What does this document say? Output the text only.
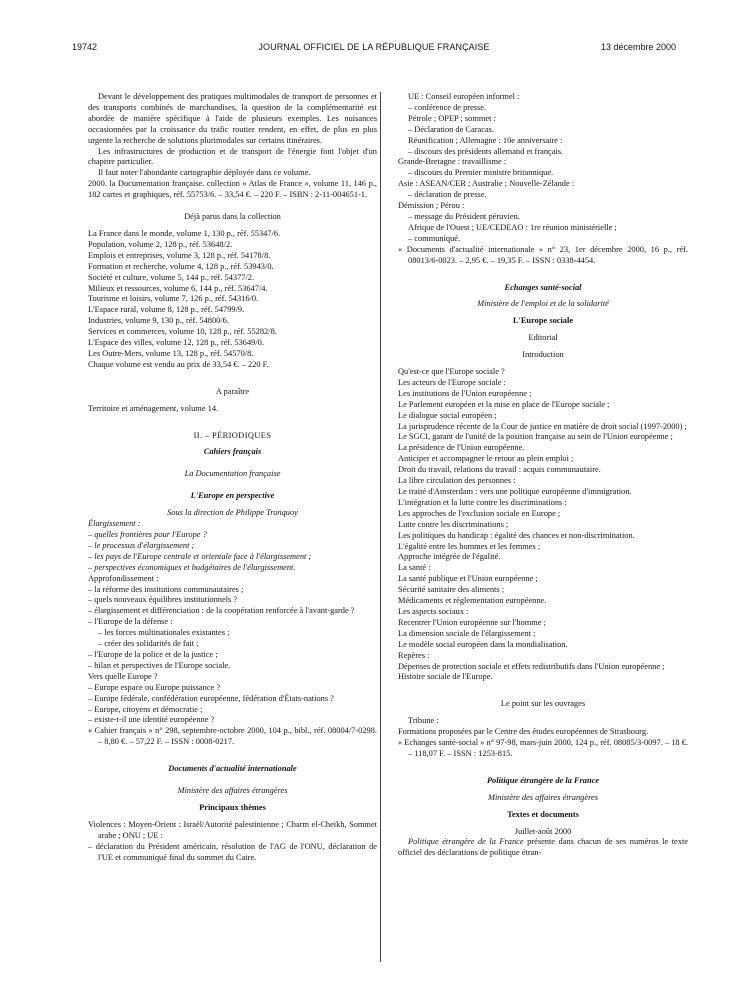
19742	JOURNAL OFFICIEL DE LA RÉPUBLIQUE FRANÇAISE	13 décembre 2000

Devant le développement des pratiques multimodales de transport de personnes et des transports combinés de marchandises, la question de la complémentarité est abordée de manière spécifique à l'aide de plusieurs exemples. Les nuisances occasionnées par la croissance du trafic routier rendent, en effet, de plus en plus urgente la recherche de solutions plurimodales sur certains itinéraires.

Les infrastructures de production et de transport de l'énergie font l'objet d'un chapitre particulier.

Il faut noter l'abondante cartographie déployée dans ce volume.

2000. la Documentation française. collection « Atlas de France », volume 11, 146 p., 182 cartes et graphiques, réf. 55753/6. – 33,54 €. – 220 F. – ISBN : 2-11-004651-1.

Déjà parus dans la collection

La France dans le monde, volume 1, 130 p., réf. 55347/6.

Population, volume 2, 128 p., réf. 53648/2.

Emplois et entreprises, volume 3, 128 p., réf. 54178/8.

Formation et recherche, volume 4, 128 p., réf. 53943/0.

Société et culture, volume 5, 144 p., réf. 54377/2.

Milieux et ressources, volume 6, 144 p., réf. 53647/4.

Tourisme et loisirs, volume 7, 126 p., réf. 54316/0.

L'Espace rural, volume 8, 128 p., réf. 54799/9.

Industries, volume 9, 130 p., réf. 54800/6.

Services et commerces, volume 10, 128 p., réf. 55282/8.

L'Espace des villes, volume 12, 128 p., réf. 53649/0.

Les Outre-Mers, volume 13, 128 p., réf. 54570/8.

Chaque volume est vendu au prix de 33,54 €. – 220 F.

A paraître

Territoire et aménagement, volume 14.

II. – PÉRIODIQUES

Cahiers français

La Documentation française

L'Europe en perspective

Sous la direction de Philippe Tronquoy

Élargissement :

– quelles frontières pour l'Europe ?

– le processus d'élargissement ;

– les pays de l'Europe centrale et orientale face à l'élargissement ;

– perspectives économiques et budgétaires de l'élargissement.

Approfondissement :

– la réforme des institutions communautaires ;

– quels nouveaux équilibres institutionnels ?

– élargissement et différenciation : de la coopération renforcée à l'avant-garde ?

– l'Europe de la défense :

– les forces multinationales existantes ;

– créer des solidarités de fait ;

– l'Europe de la police et de la justice ;

– bilan et perspectives de l'Europe sociale.

Vers quelle Europe ?

– Europe espace ou Europe puissance ?

– Europe fédérale, confédération européenne, fédération d'États-nations ?

– Europe, citoyens et démocratie ;

– existe-t-il une identité européenne ?

« Cahier français » n° 298, septembre-octobre 2000, 104 p., bibl., réf. 08004/7-0298. – 8,80 €. – 57,22 F. – ISSN : 0008-0217.

Documents d'actualité internationale

Ministère des affaires étrangères

Principaux thèmes

Violences : Moyen-Orient : Israël/Autorité palestinienne ; Charm el-Cheikh, Sommet arabe ; ONU ; UE :

– déclaration du Président américain, résolution de l'AG de l'ONU, déclaration de l'UE et communiqué final du sommet du Caire.

UE : Conseil européen informel :

– conférence de presse.

Pétrole ; OPEP ; sommet :

– Déclaration de Caracas.

Réunification ; Allemagne : 10e anniversaire :

– discours des présidents allemand et français.

Grande-Bretagne : travaillisme :

– discours du Premier ministre britannique.

Asie : ASEAN/CER ; Australie ; Nouvelle-Zélande :

– déclaration de presse.

Démission ; Pérou :

– message du Président péruvien.

Afrique de l'Ouest ; UE/CEDEAO : 1re réunion ministérielle ;

– communiqué.

« Documents d'actualité internationale » n° 23, 1er décembre 2000, 16 p., réf. 08013/6-0023. – 2,95 €. – 19,35 F. – ISSN : 0338-4454.

Echanges santé-social

Ministère de l'emploi et de la solidarité

L'Europe sociale

Editorial

Introduction

Qu'est-ce que l'Europe sociale ?

Les acteurs de l'Europe sociale :

Les institutions de l'Union européenne ;

Le Parlement européen et la mise en place de l'Europe sociale ;

Le dialogue social européen ;

La jurisprudence récente de la Cour de justice en matière de droit social (1997-2000) ;

Le SGCI, garant de l'unité de la position française au sein de l'Union européenne ;

La présidence de l'Union européenne.

Anticiper et accompagner le retour au plein emploi ;

Droit du travail, relations du travail : acquis communautaire.

La libre circulation des personnes :

Le traité d'Amsterdam : vers une politique européenne d'immigration.

L'intégration et la lutte contre les discriminations :

Les approches de l'exclusion sociale en Europe ;

Lutte contre les discriminations ;

Les politiques du handicap : égalité des chances et non-discrimination.

L'égalité entre les hommes et les femmes ;

Approche intégrée de l'égalité.

La santé :

La santé publique et l'Union européenne ;

Sécurité sanitaire des aliments ;

Médicaments et réglementation européenne.

Les aspects sociaux :

Recentrer l'Union européenne sur l'homme ;

La dimension sociale de l'élargissement ;

Le modèle social européen dans la mondialisation.

Repères :

Dépenses de protection sociale et effets redistributifs dans l'Union européenne ;

Histoire sociale de l'Europe.

Le point sur les ouvrages

Tribune :

Formations proposées par le Centre des études européennes de Strasbourg.

« Echanges santé-social » n° 97-98, mars-juin 2000, 124 p., réf. 08085/3-0097. – 18 €. – 118,07 F. – ISSN : 1253-815.

Politique étrangère de la France

Ministère des affaires étrangères

Textes et documents

Juillet-août 2000

Politique étrangère de la France présente dans chacun de ses numéros le texte officiel des déclarations de politique étran-
